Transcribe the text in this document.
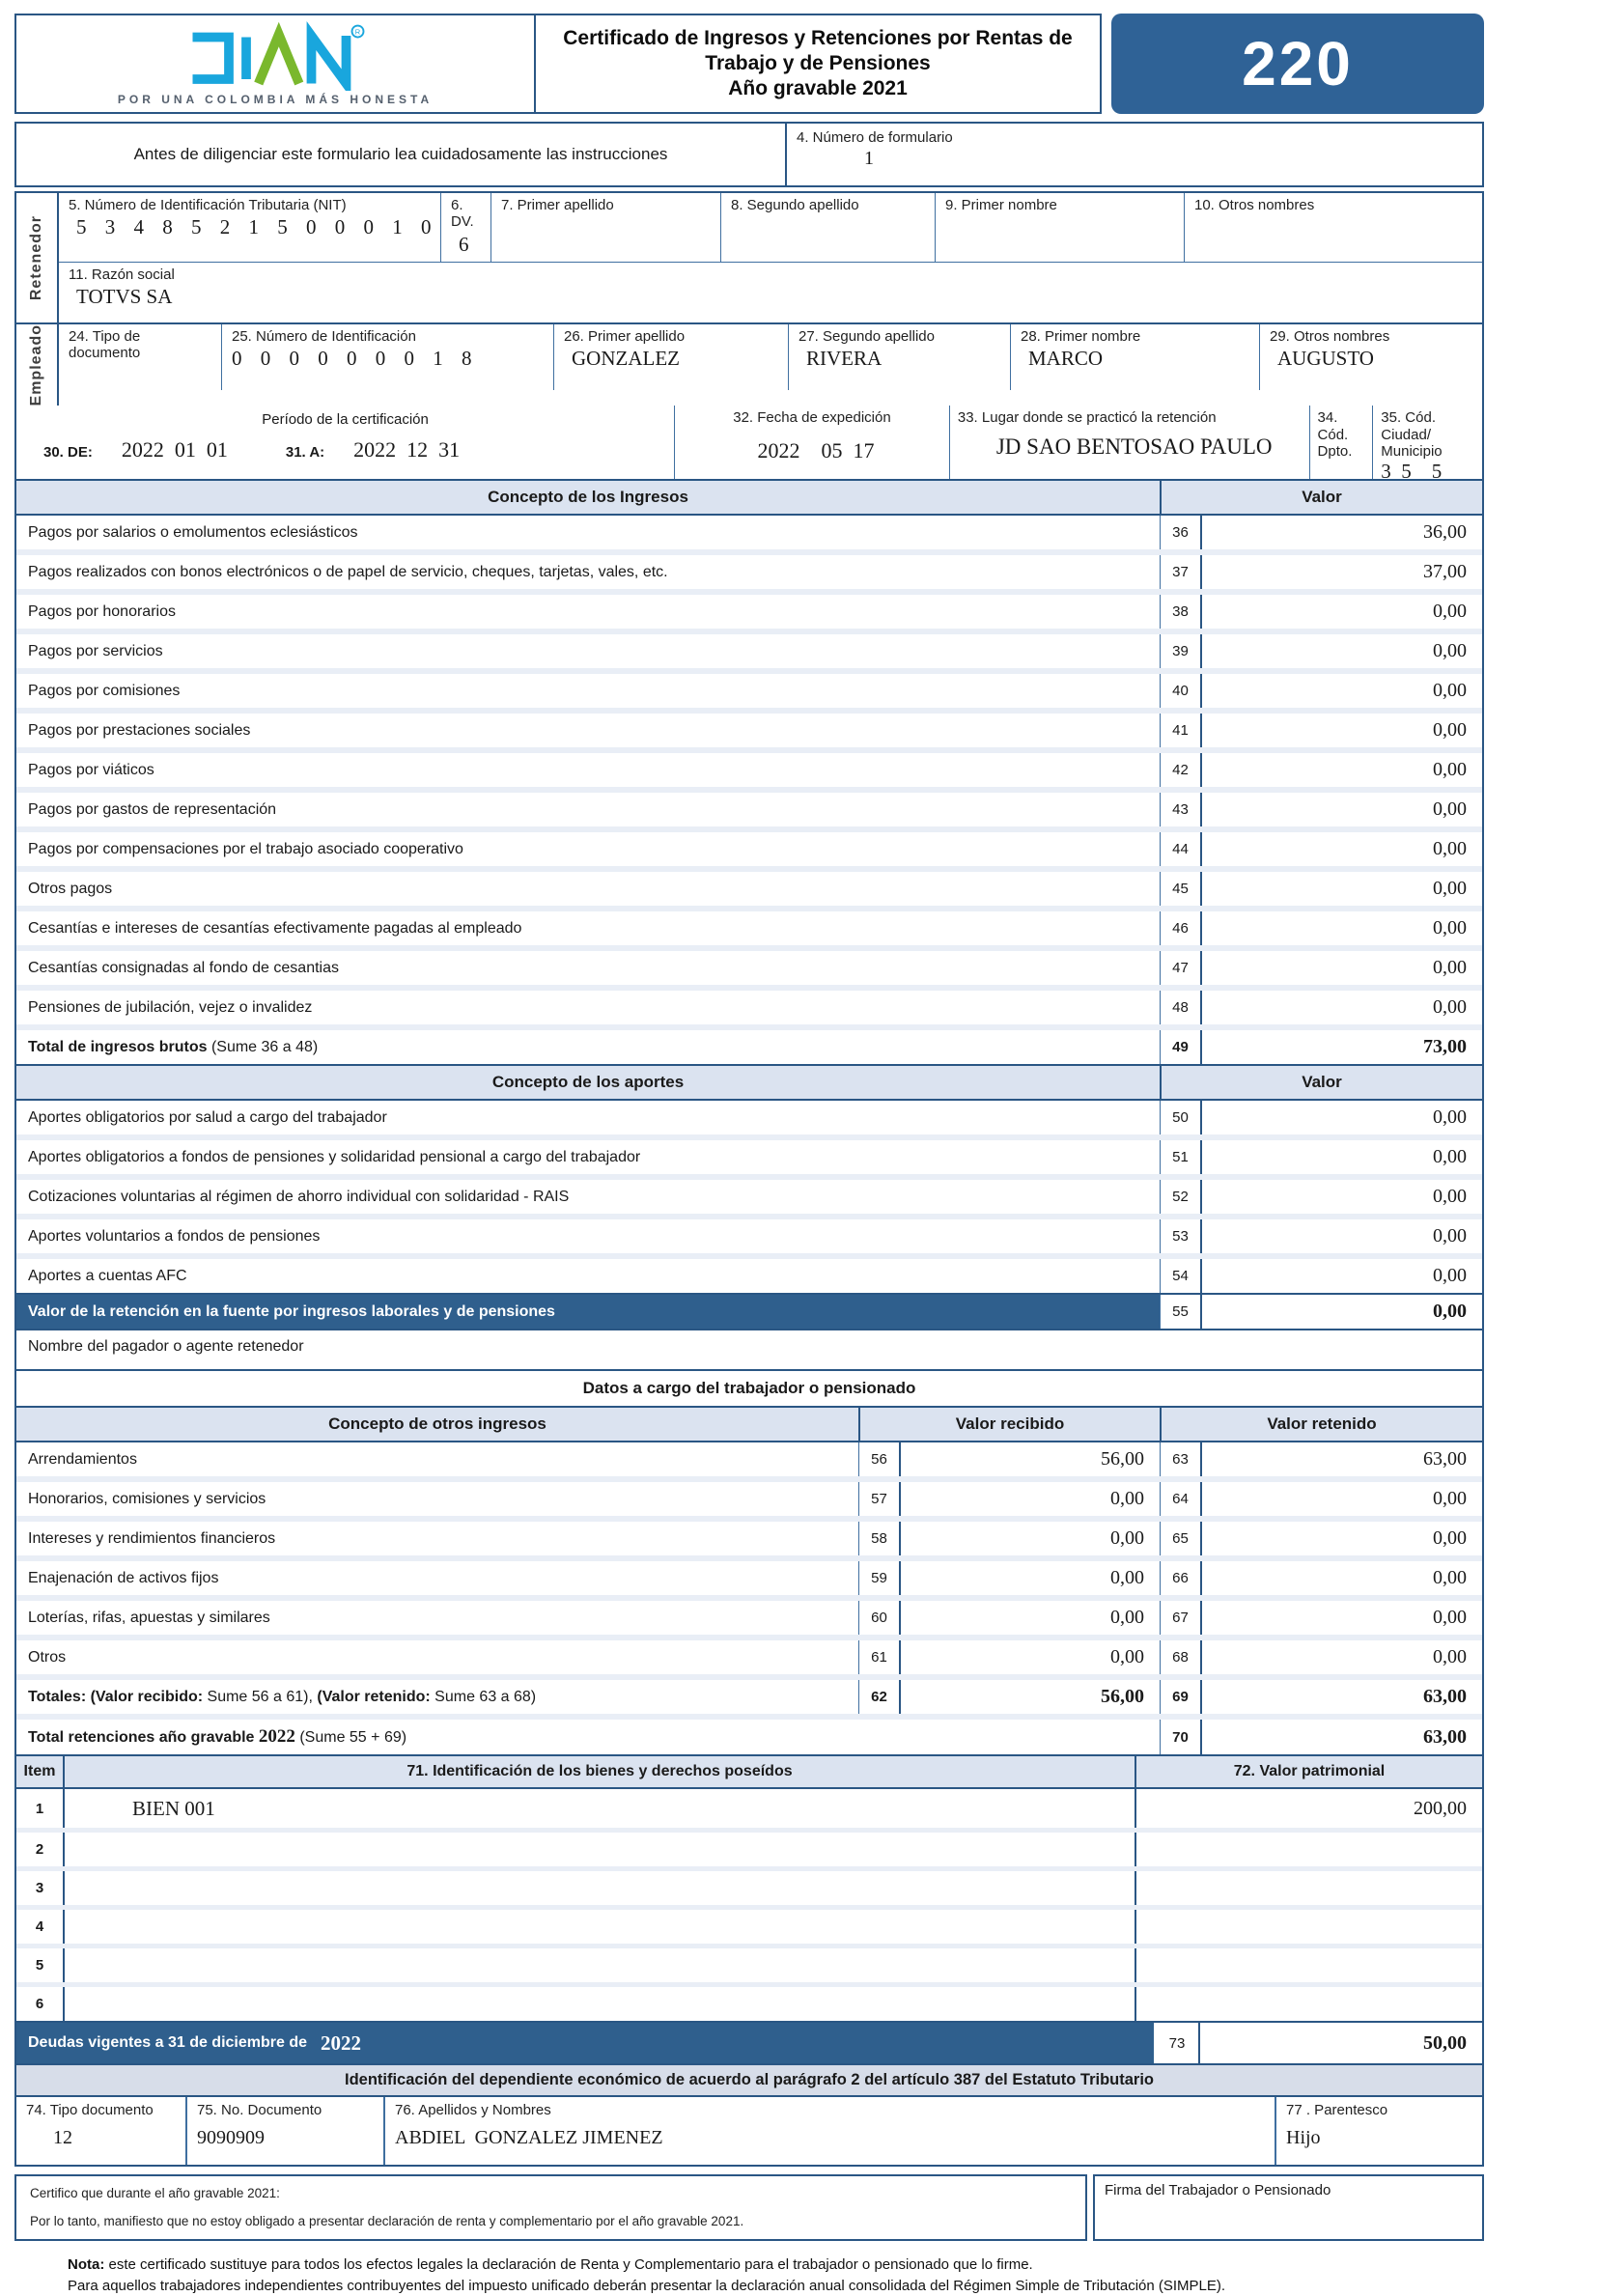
R
POR UNA COLOMBIA MÁS HONESTA
Certificado de Ingresos y Retenciones por Rentas de Trabajo y de Pensiones
Año gravable 2021	220
Antes de diligenciar este formulario lea cuidadosamente las instrucciones
4. Número de formulario
1
Retenedor
5. Número de Identificación Tributaria (NIT)
5 3 4 8 5 2 1 5 0 0 0 1 0
6. DV.
6
7. Primer apellido	8. Segundo apellido	9. Primer nombre	10. Otros nombres
11. Razón social
TOTVS SA
Empleado 24. Tipo de documento
25. Número de Identificación
0 0 0 0 0 0 0 1 8
26. Primer apellido
GONZALEZ
27. Segundo apellido
RIVERA
28. Primer nombre
MARCO
29. Otros nombres
AUGUSTO
Período de la certificación
30. DE: 2022  01  01	31. A: 2022  12  31
32. Fecha de expedición
2022    05  17
33. Lugar donde se practicó la retención
JD SAO BENTO SAO PAULO
34. Cód. Dpto.
35. Cód. Ciudad/ Municipio
3  5    5
Concepto de los Ingresos	Valor
Pagos por salarios o emolumentos eclesiásticos	36	36,00
Pagos realizados con bonos electrónicos o de papel de servicio, cheques, tarjetas, vales, etc.	37	37,00
Pagos por honorarios	38	0,00
Pagos por servicios	39	0,00
Pagos por comisiones	40	0,00
Pagos por prestaciones sociales	41	0,00
Pagos por viáticos	42	0,00
Pagos por gastos de representación	43	0,00
Pagos por compensaciones por el trabajo asociado cooperativo	44	0,00
Otros pagos	45	0,00
Cesantías e intereses de cesantías efectivamente pagadas al empleado	46	0,00
Cesantías consignadas al fondo de cesantias	47	0,00
Pensiones de jubilación, vejez o invalidez	48	0,00
Total de ingresos brutos (Sume 36 a 48)	49	73,00
Concepto de los aportes	Valor
Aportes obligatorios por salud a cargo del trabajador	50	0,00
Aportes obligatorios a fondos de pensiones y solidaridad pensional a cargo del trabajador	51	0,00
Cotizaciones voluntarias al régimen de ahorro individual con solidaridad - RAIS	52	0,00
Aportes voluntarios a fondos de pensiones	53	0,00
Aportes a cuentas AFC	54	0,00
Valor de la retención en la fuente por ingresos laborales y de pensiones	55	0,00
Nombre del pagador o agente retenedor
Datos a cargo del trabajador o pensionado
Concepto de otros ingresos	Valor recibido	Valor retenido
Arrendamientos	56	56,00	63	63,00
Honorarios, comisiones y servicios	57	0,00	64	0,00
Intereses y rendimientos financieros	58	0,00	65	0,00
Enajenación de activos fijos	59	0,00	66	0,00
Loterías, rifas, apuestas y similares	60	0,00	67	0,00
Otros	61	0,00	68	0,00
Totales: (Valor recibido: Sume 56 a 61), (Valor retenido: Sume 63 a 68)	62	56,00	69	63,00
Total retenciones año gravable 2022 (Sume 55 + 69)	70	63,00
Item	71. Identificación de los bienes y derechos poseídos	72. Valor patrimonial
1	BIEN 001	200,00
2
3
4
5
6
Deudas vigentes a 31 de diciembre de 2022	73	50,00
Identificación del dependiente económico de acuerdo al parágrafo 2 del artículo 387 del Estatuto Tributario
74. Tipo documento
12
75. No. Documento
9090909
76. Apellidos y Nombres
ABDIEL  GONZALEZ JIMENEZ
77 . Parentesco
Hijo
Certifico que durante el año gravable 2021:
Por lo tanto, manifiesto que no estoy obligado a presentar declaración de renta y complementario por el año gravable 2021.
Firma del Trabajador o Pensionado
Nota: este certificado sustituye para todos los efectos legales la declaración de Renta y Complementario para el trabajador o pensionado que lo firme.
Para aquellos trabajadores independientes contribuyentes del impuesto unificado deberán presentar la declaración anual consolidada del Régimen Simple de Tributación (SIMPLE).
